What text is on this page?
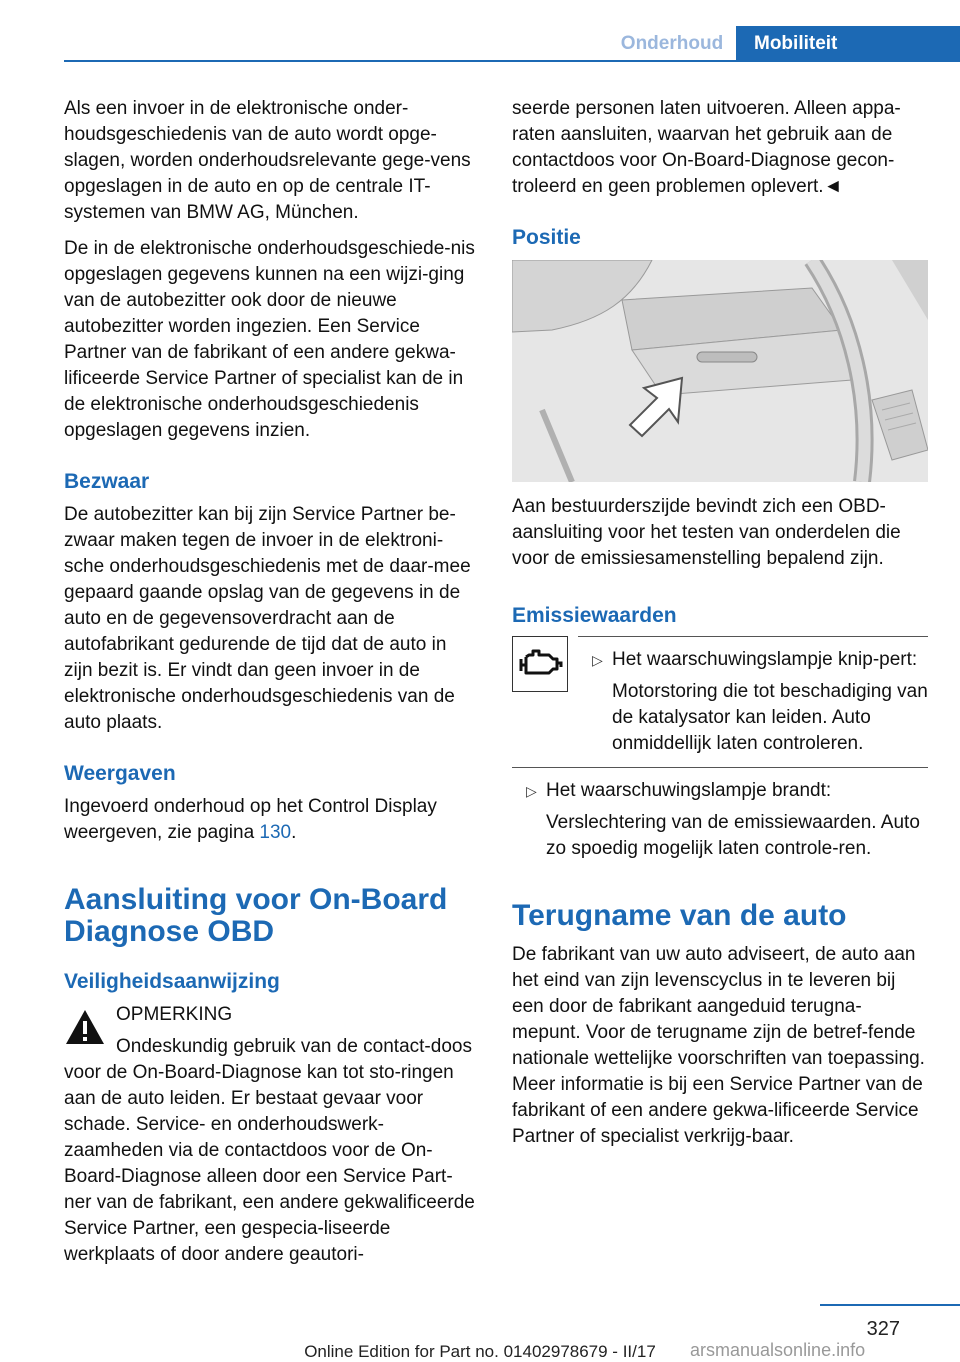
Onderhoud	Mobiliteit

Als een invoer in de elektronische onder-houdsgeschiedenis van de auto wordt opge-slagen, worden onderhoudsrelevante gege-vens opgeslagen in de auto en op de centrale IT-systemen van BMW AG, München.

De in de elektronische onderhoudsgeschiede-nis opgeslagen gegevens kunnen na een wijzi-ging van de autobezitter ook door de nieuwe autobezitter worden ingezien. Een Service Partner van de fabrikant of een andere gekwa-lificeerde Service Partner of specialist kan de in de elektronische onderhoudsgeschiedenis opgeslagen gegevens inzien.

Bezwaar

De autobezitter kan bij zijn Service Partner be-zwaar maken tegen de invoer in de elektroni-sche onderhoudsgeschiedenis met de daar-mee gepaard gaande opslag van de gegevens in de auto en de gegevensoverdracht aan de autofabrikant gedurende de tijd dat de auto in zijn bezit is. Er vindt dan geen invoer in de elektronische onderhoudsgeschiedenis van de auto plaats.

Weergaven

Ingevoerd onderhoud op het Control Display weergeven, zie pagina 130.

Aansluiting voor On-Board Diagnose OBD
Veiligheidsaanwijzing

OPMERKING

Ondeskundig gebruik van de contact-doos voor de On-Board-Diagnose kan tot sto-ringen aan de auto leiden. Er bestaat gevaar voor schade. Service- en onderhoudswerk-zaamheden via de contactdoos voor de On-Board-Diagnose alleen door een Service Part-ner van de fabrikant, een andere gekwalificeerde Service Partner, een gespecia-liseerde werkplaats of door andere geautori-

seerde personen laten uitvoeren. Alleen appa-raten aansluiten, waarvan het gebruik aan de contactdoos voor On-Board-Diagnose gecon-troleerd en geen problemen oplevert.◄

Positie

Aan bestuurderszijde bevindt zich een OBD-aansluiting voor het testen van onderdelen die voor de emissiesamenstelling bepalend zijn.

Emissiewaarden
▷ Het waarschuwingslampje knip-pert:

Motorstoring die tot beschadiging van de katalysator kan leiden. Auto onmiddellijk laten controleren.

▷ Het waarschuwingslampje brandt:

Verslechtering van de emissiewaarden. Auto zo spoedig mogelijk laten controle-ren.

Terugname van de auto

De fabrikant van uw auto adviseert, de auto aan het eind van zijn levenscyclus in te leveren bij een door de fabrikant aangeduid terugna-mepunt. Voor de terugname zijn de betref-fende nationale wettelijke voorschriften van toepassing. Meer informatie is bij een Service Partner van de fabrikant of een andere gekwa-lificeerde Service Partner of specialist verkrijg-baar.

327
Online Edition for Part no. 01402978679 - II/17	arsmanualsonline.info
